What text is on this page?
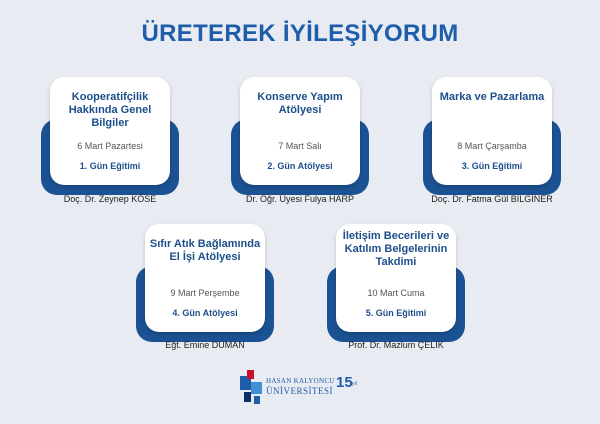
ÜRETEREK İYİLEŞİYORUM
Kooperatifçilik Hakkında Genel Bilgiler
6 Mart Pazartesi
1. Gün Eğitimi
Doç. Dr. Zeynep KÖSE
Konserve Yapım Atölyesi
7 Mart Salı
2. Gün Atölyesi
Dr. Öğr. Üyesi Fulya HARP
Marka ve Pazarlama
8 Mart Çarşamba
3. Gün Eğitimi
Doç. Dr. Fatma Gül BİLGİNER
Sıfır Atık Bağlamında El İşi Atölyesi
9 Mart Perşembe
4. Gün Atölyesi
Eğt. Emine DUMAN
İletişim Becerileri ve Katılım Belgelerinin Takdimi
10 Mart Cuma
5. Gün Eğitimi
Prof. Dr. Mazlum ÇELİK
HASAN KALYONCU
ÜNİVERSİTESİ 15 yıl
